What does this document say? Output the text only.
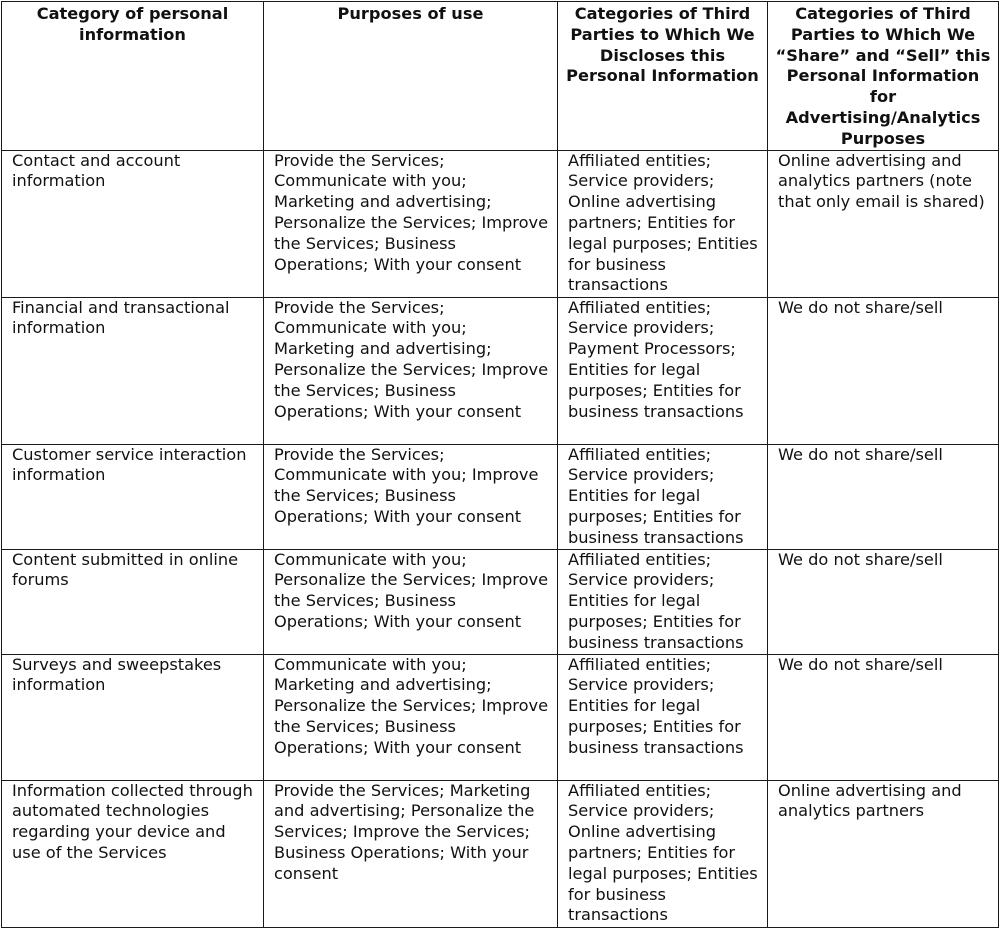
Category of personal information	Purposes of use	Categories of Third Parties to Which We Discloses this Personal Information	Categories of Third Parties to Which We “Share” and “Sell” this Personal Information for Advertising/Analytics Purposes
Contact and account information	Provide the Services; Communicate with you; Marketing and advertising; Personalize the Services; Improve the Services; Business Operations; With your consent	Affiliated entities; Service providers; Online advertising partners; Entities for legal purposes; Entities for business transactions	Online advertising and analytics partners (note that only email is shared)
Financial and transactional information	Provide the Services; Communicate with you; Marketing and advertising; Personalize the Services; Improve the Services; Business Operations; With your consent	Affiliated entities; Service providers; Payment Processors; Entities for legal purposes; Entities for business transactions	We do not share/sell
Customer service interaction information	Provide the Services; Communicate with you; Improve the Services; Business Operations; With your consent	Affiliated entities; Service providers; Entities for legal purposes; Entities for business transactions	We do not share/sell
Content submitted in online forums	Communicate with you; Personalize the Services; Improve the Services; Business Operations; With your consent	Affiliated entities; Service providers; Entities for legal purposes; Entities for business transactions	We do not share/sell
Surveys and sweepstakes information	Communicate with you; Marketing and advertising; Personalize the Services; Improve the Services; Business Operations; With your consent	Affiliated entities; Service providers; Entities for legal purposes; Entities for business transactions	We do not share/sell
Information collected through automated technologies regarding your device and use of the Services	Provide the Services; Marketing and advertising; Personalize the Services; Improve the Services; Business Operations; With your consent	Affiliated entities; Service providers; Online advertising partners; Entities for legal purposes; Entities for business transactions	Online advertising and analytics partners
